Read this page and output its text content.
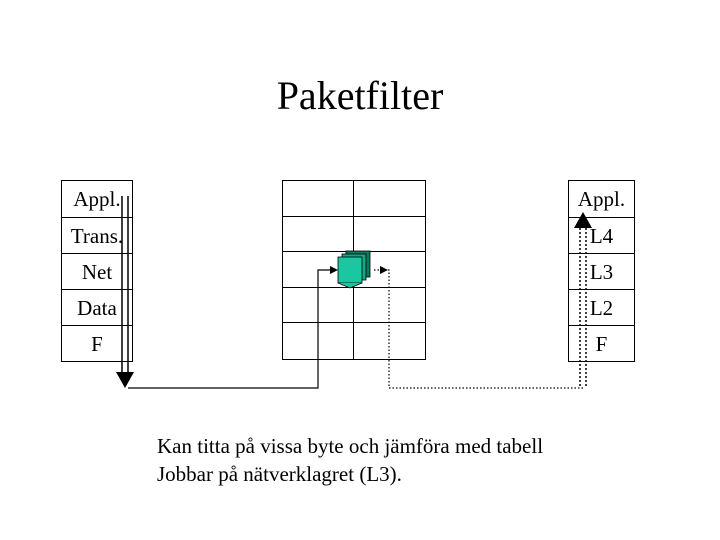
Paketfilter
Appl.
Trans.
Net
Data
F
Appl.
L4
L3
L2
F
Kan titta på vissa byte och jämföra med tabell
Jobbar på nätverklagret (L3).
